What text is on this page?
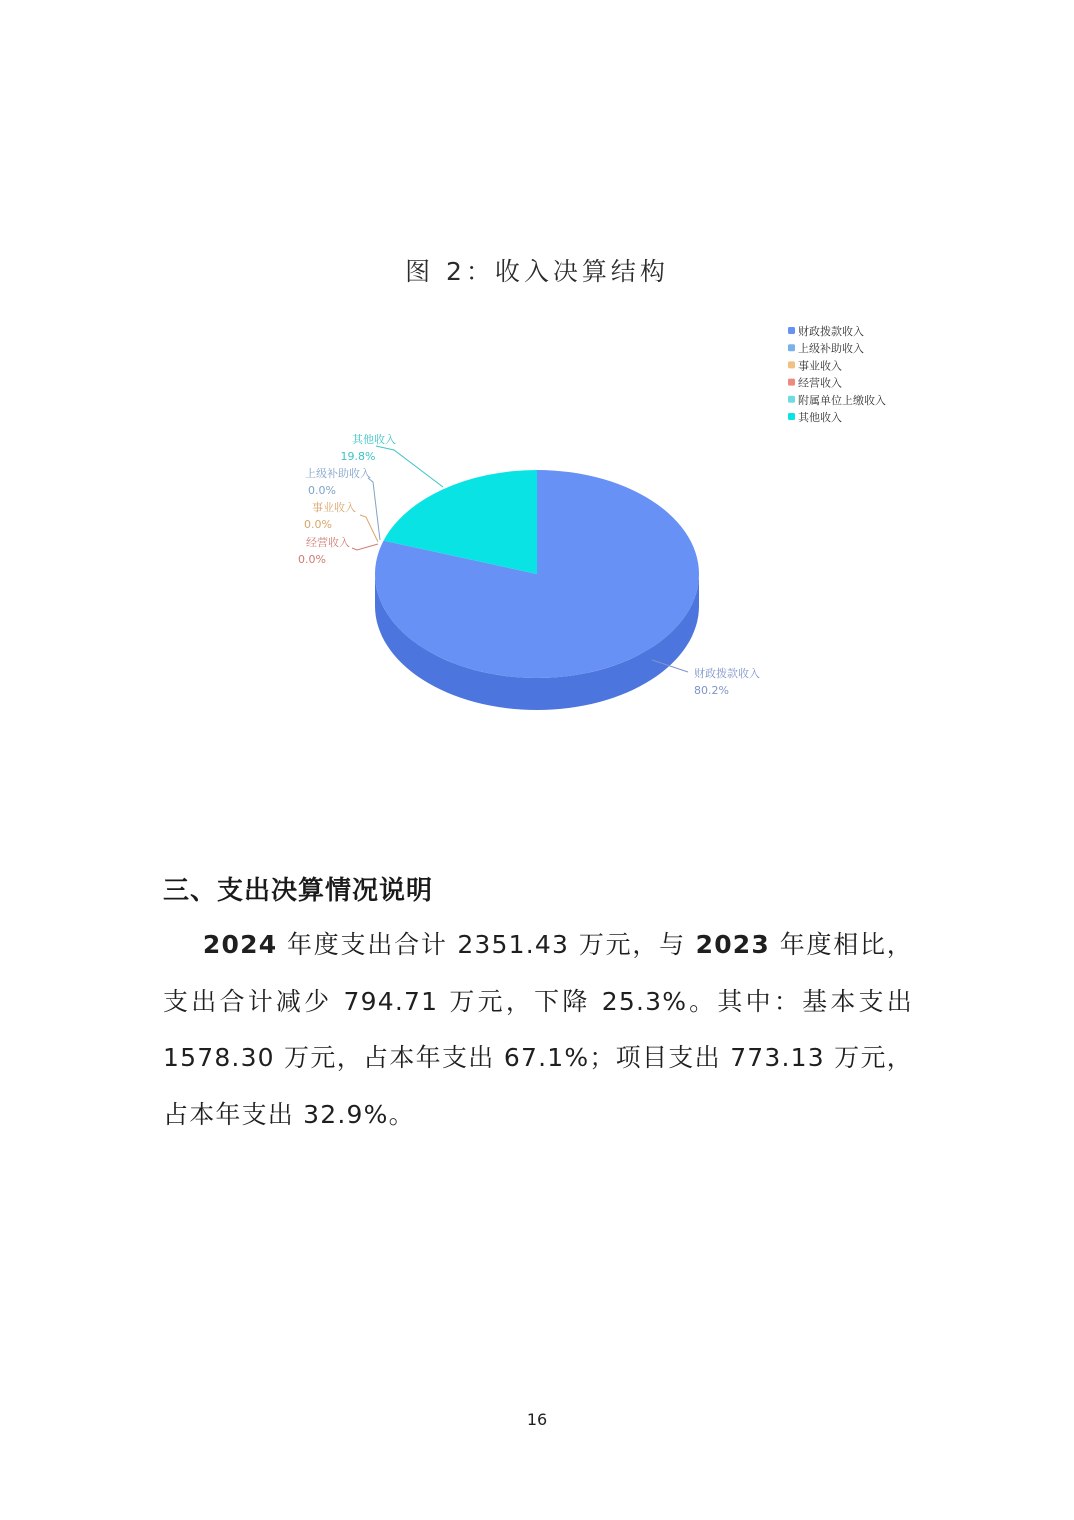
图 2：收入决算结构
财政拨款收入
80.2%
上级补助收入
0.0%
事业收入
0.0%
经营收入
0.0%
其他收入
19.8%
财政拨款收入
上级补助收入
事业收入
经营收入
附属单位上缴收入
其他收入
三、支出决算情况说明
  2024 年度支出合计 2351.43 万元，与 2023 年度相比，支出合计减少 794.71 万元，下降 25.3%。其中：基本支出 1578.30 万元，占本年支出 67.1%；项目支出 773.13 万元，占本年支出 32.9%。
16
